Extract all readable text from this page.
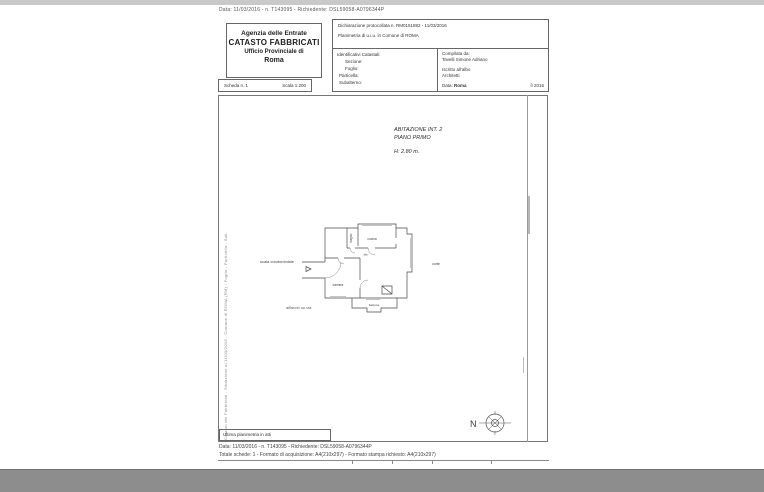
Data: 11/03/2016 - n. T143095 - Richiedente: DSL59058-A0796344P
Agenzia delle Entrate
CATASTO FABBRICATI
Ufficio Provinciale di
Roma
Scheda n. 1	Scala 1:200
Dichiarazione protocollata n. RM0151882 - 11/03/2016
Planimetria di u.i.u. in Comune di ROMA
Identificativi Catastali:
Sezione:
Foglio:
Particella:
Subalterno:
Compilata da:
Tavelli Simone Adriano
Iscritto all'albo
Architetti
Data: Roma	lì 2016
ABITAZIONE INT. 2
PIANO PRIMO
H: 2.80 m.
bagno	cucina
dis.
camera
balcone
corte
scala condominiale
affaccio su via
Catasto dei Fabbricati - Situazione al 11/03/2016 - Comune di ROMA (RM) - Foglio - Particella - Sub.	N
Ultima planimetria in atti
Data: 11/03/2016 - n. T143095 - Richiedente: DSL59058-A0796344P
Totale schede: 1 - Formato di acquisizione: A4(210x297) - Formato stampa richiesto: A4(210x297)
